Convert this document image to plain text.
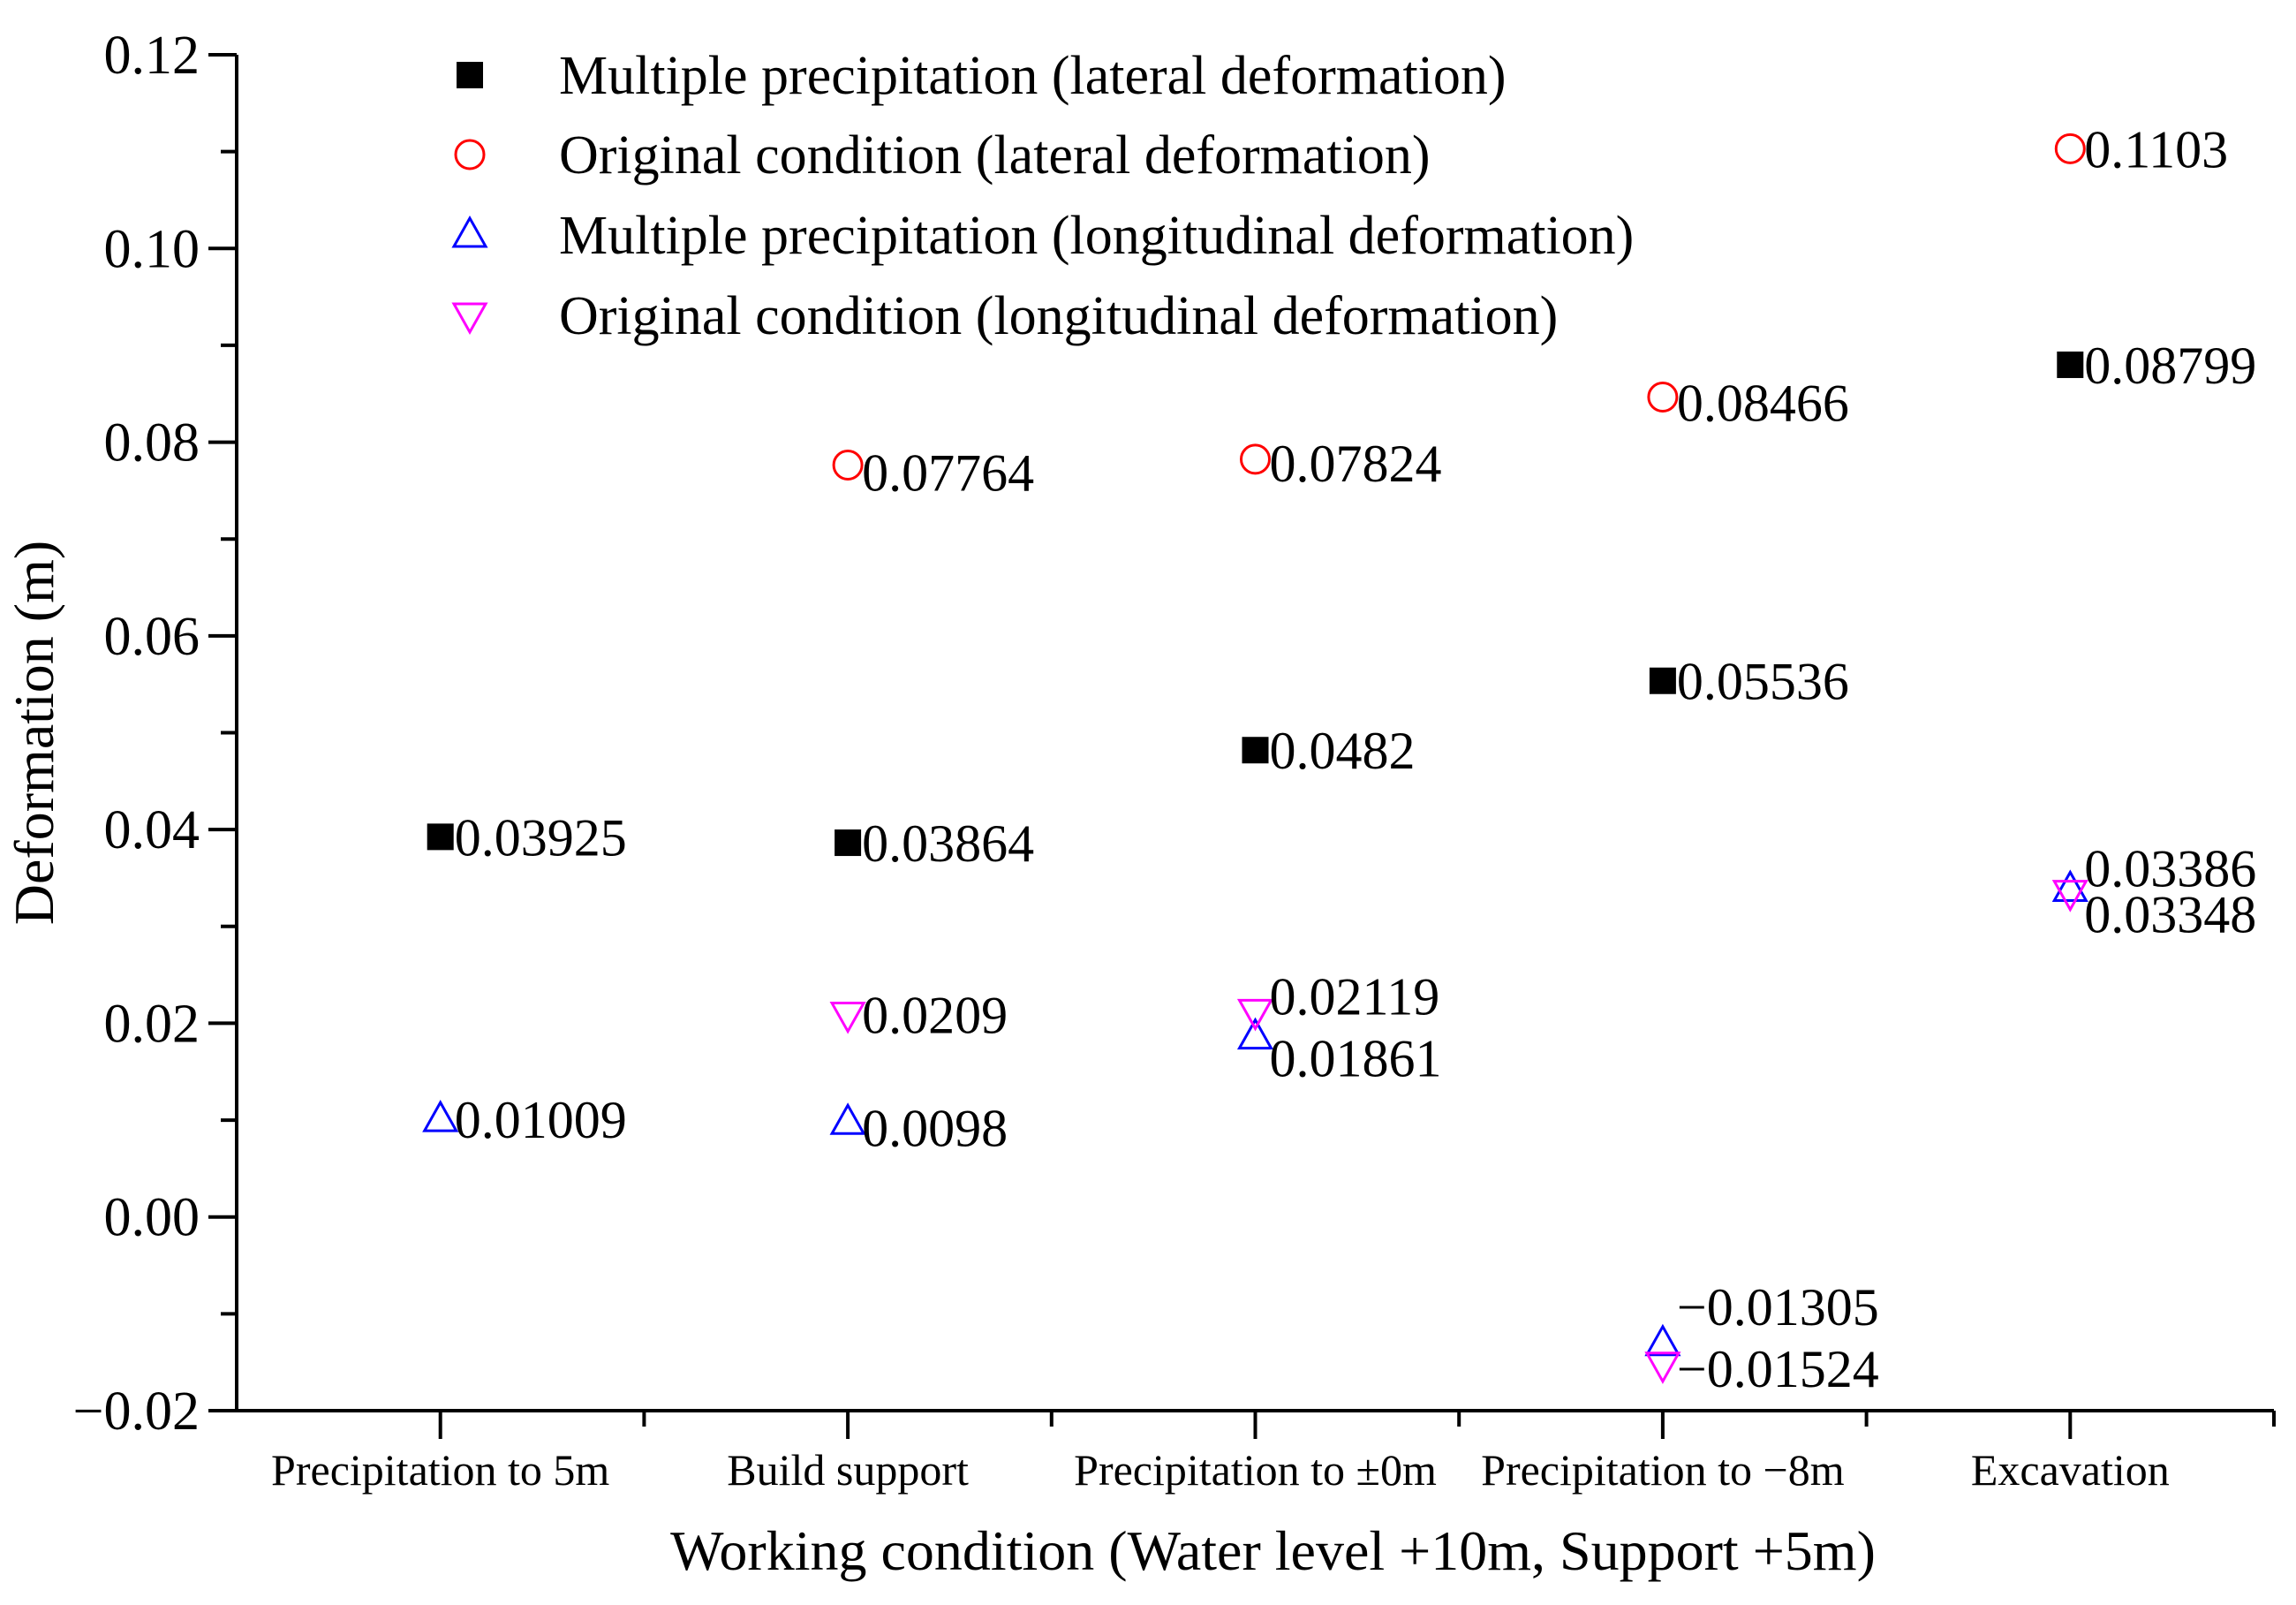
−0.02
0.00
0.02
0.04
0.06
0.08
0.10
0.12
Precipitation to 5m	Build support Precipitation to ±0m Precipitation to −8m	Excavation
Working condition (Water level +10m, Support +5m)
Deformation (m)
Multiple precipitation (lateral deformation)
Original condition (lateral deformation)
Multiple precipitation (longitudinal deformation)
Original condition (longitudinal deformation)
0.03925	0.03864
0.0482
0.05536
0.08799
0.07764	0.07824
0.08466
0.1103
0.01009	0.0098
0.01861
−0.01305
0.03386
0.0209	0.02119
−0.01524
0.03348
